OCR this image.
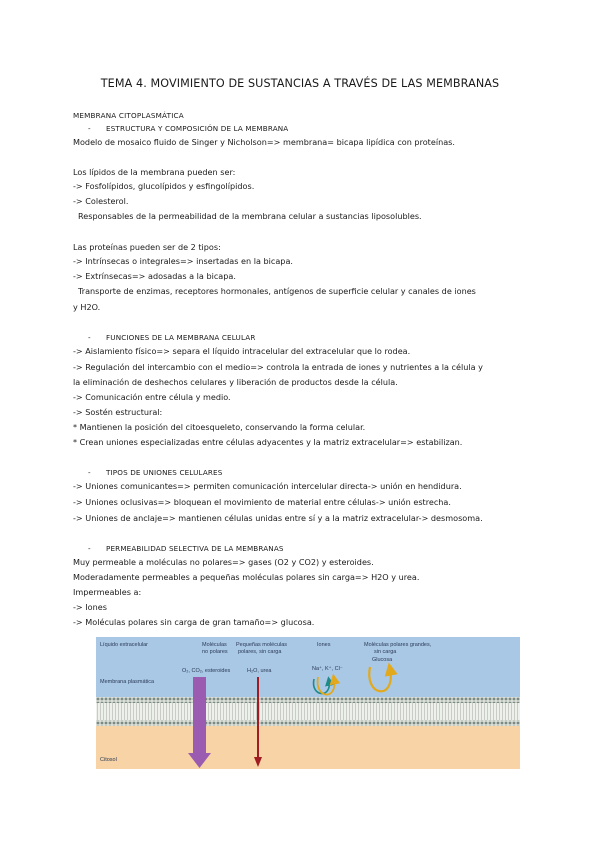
TEMA 4. MOVIMIENTO DE SUSTANCIAS A TRAVÉS DE LAS MEMBRANAS
MEMBRANA CITOPLASMÁTICA
- ESTRUCTURA Y COMPOSICIÓN DE LA MEMBRANA
Modelo de mosaico fluido de Singer y Nicholson=> membrana= bicapa lipídica con proteínas.
Los lípidos de la membrana pueden ser:
-> Fosfolípidos, glucolípidos y esfingolípidos.
-> Colesterol.
Responsables de la permeabilidad de la membrana celular a sustancias liposolubles.
Las proteínas pueden ser de 2 tipos:
-> Intrínsecas o integrales=> insertadas en la bicapa.
-> Extrínsecas=> adosadas a la bicapa.
Transporte de enzimas, receptores hormonales, antígenos de superficie celular y canales de iones
y H2O.
- FUNCIONES DE LA MEMBRANA CELULAR
-> Aislamiento físico=> separa el líquido intracelular del extracelular que lo rodea.
-> Regulación del intercambio con el medio=> controla la entrada de iones y nutrientes a la célula y
la eliminación de deshechos celulares y liberación de productos desde la célula.
-> Comunicación entre célula y medio.
-> Sostén estructural:
* Mantienen la posición del citoesqueleto, conservando la forma celular.
* Crean uniones especializadas entre células adyacentes y la matriz extracelular=> estabilizan.
- TIPOS DE UNIONES CELULARES
-> Uniones comunicantes=> permiten comunicación intercelular directa-> unión en hendidura.
-> Uniones oclusivas=> bloquean el movimiento de material entre células-> unión estrecha.
-> Uniones de anclaje=> mantienen células unidas entre sí y a la matriz extracelular-> desmosoma.
- PERMEABILIDAD SELECTIVA DE LA MEMBRANAS
Muy permeable a moléculas no polares=> gases (O2 y CO2) y esteroides.
Moderadamente permeables a pequeñas moléculas polares sin carga=> H2O y urea.
Impermeables a:
-> Iones
-> Moléculas polares sin carga de gran tamaño=> glucosa.
Líquido extracelular
Membrana plasmática
Citosol
Moléculas
no polares
O₂, CO₂, esteroides
Pequeñas moléculas
polares, sin carga
H₂O, urea
Iones
Na⁺, K⁺, Cl⁻
Moléculas polares grandes,
sin carga
Glucosa
